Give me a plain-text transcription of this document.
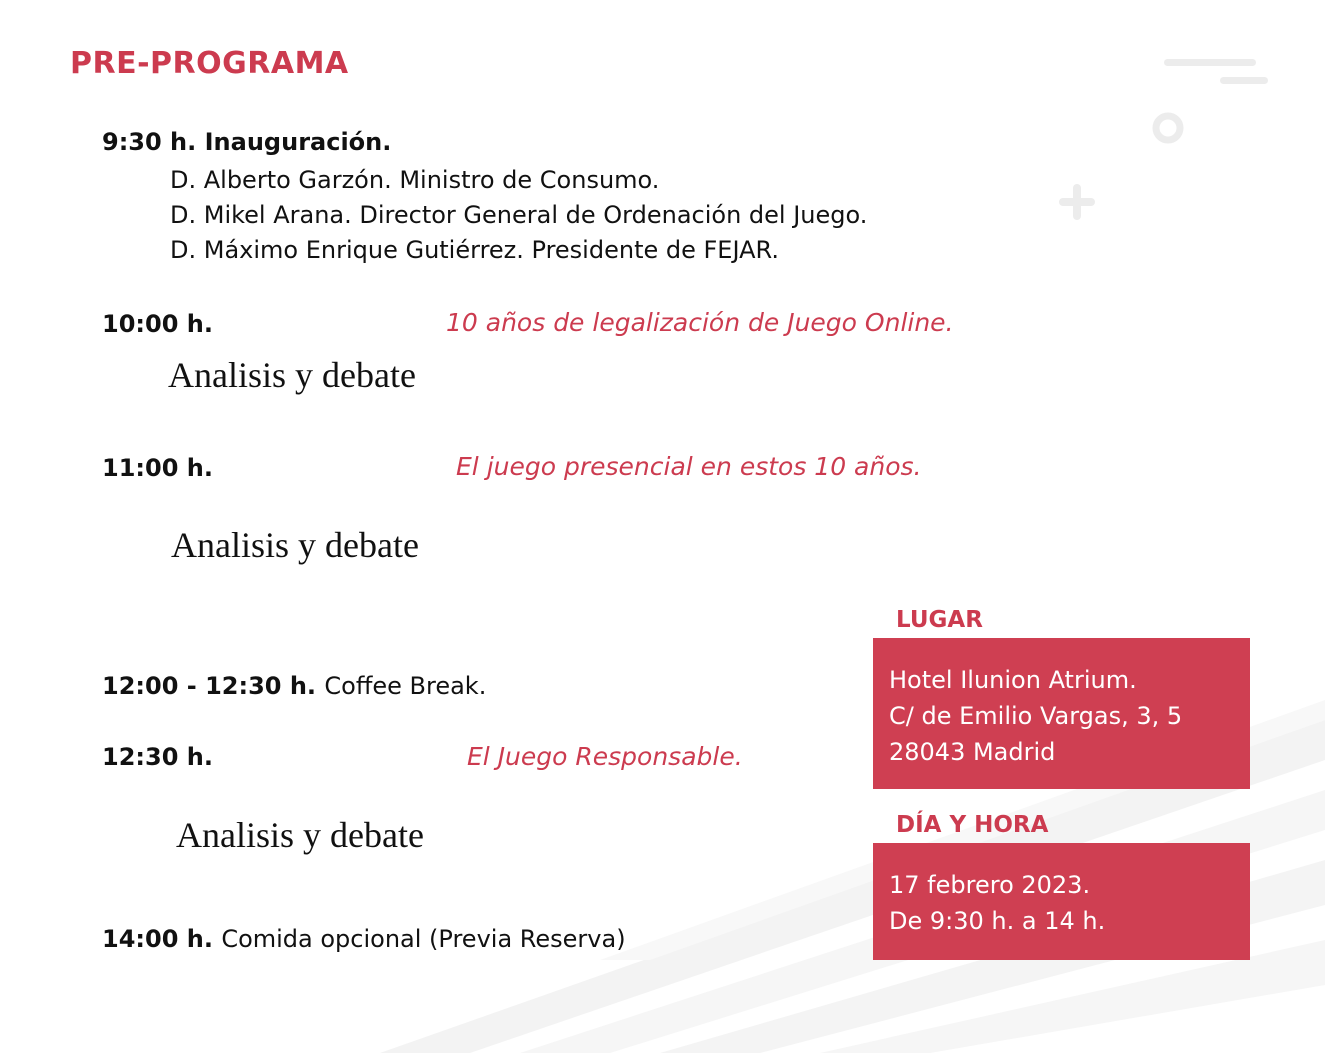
PRE-PROGRAMA
9:30 h. Inauguración.
D. Alberto Garzón. Ministro de Consumo.
D. Mikel Arana. Director General de Ordenación del Juego.
D. Máximo Enrique Gutiérrez. Presidente de FEJAR.
10:00 h.	10 años de legalización de Juego Online.
Analisis y debate
11:00 h.	El juego presencial en estos 10 años.
Analisis y debate
12:00 - 12:30 h. Coffee Break.
12:30 h.	El Juego Responsable.
Analisis y debate
14:00 h. Comida opcional (Previa Reserva)
LUGAR
Hotel Ilunion Atrium.
C/ de Emilio Vargas, 3, 5
28043 Madrid
DÍA Y HORA
17 febrero 2023.
De 9:30 h. a 14 h.
